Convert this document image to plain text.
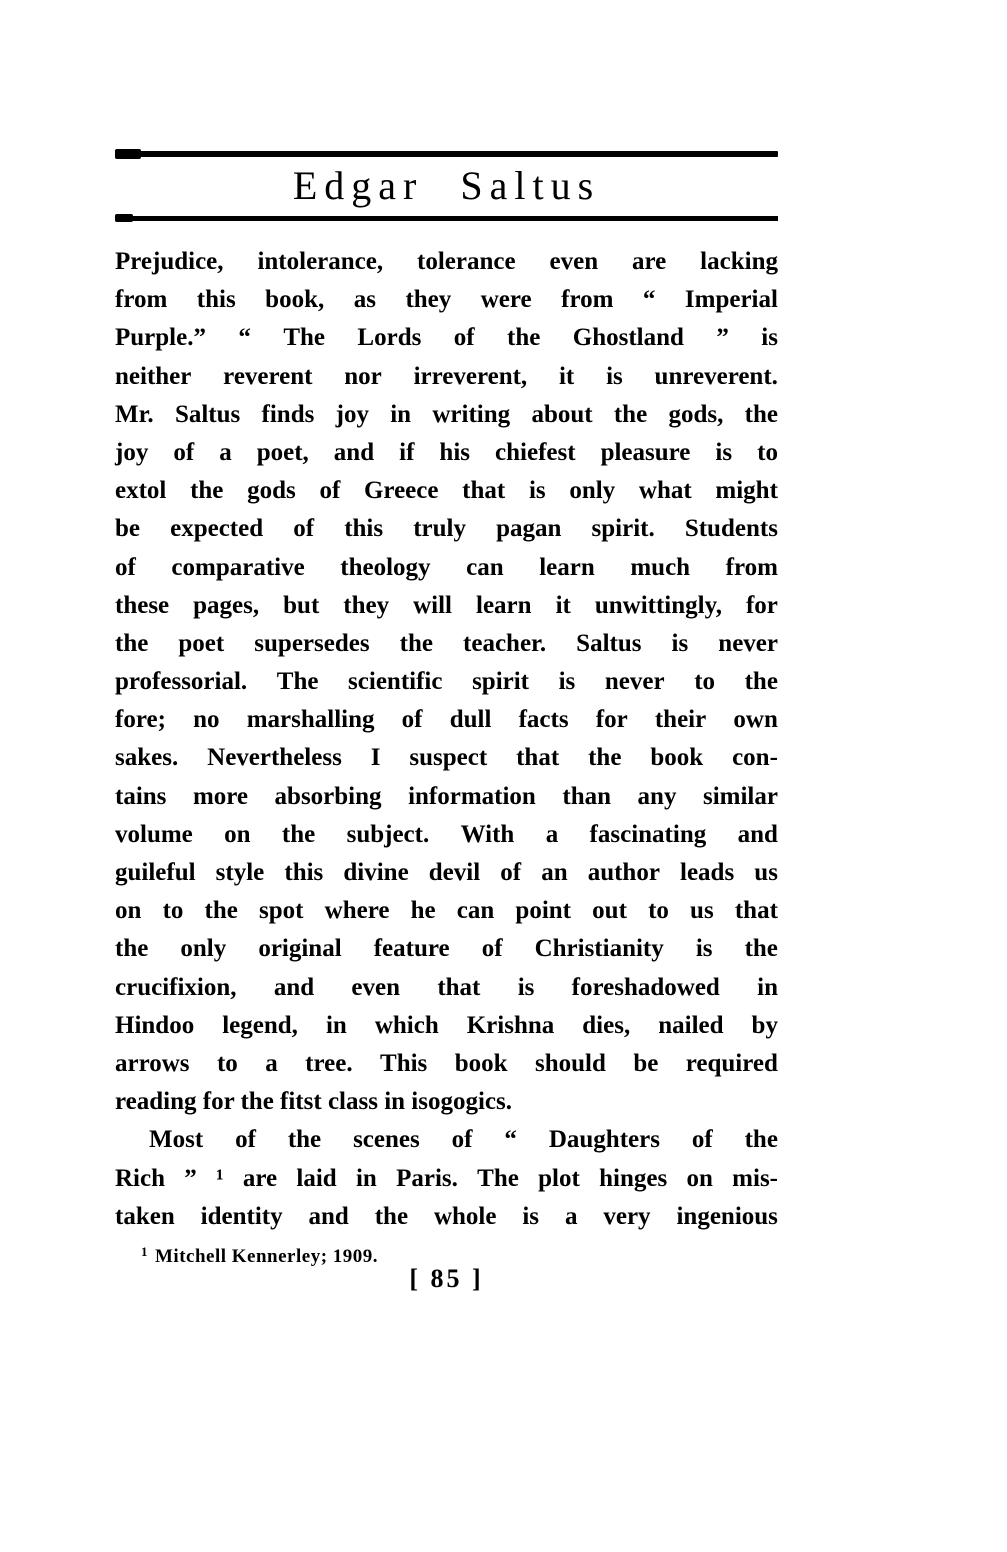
Edgar Saltus
Prejudice, intolerance, tolerance even are lacking
from this book, as they were from “ Imperial
Purple.” “ The Lords of the Ghostland ” is
neither reverent nor irreverent, it is unreverent.
Mr. Saltus finds joy in writing about the gods, the
joy of a poet, and if his chiefest pleasure is to
extol the gods of Greece that is only what might
be expected of this truly pagan spirit. Students
of comparative theology can learn much from
these pages, but they will learn it unwittingly, for
the poet supersedes the teacher. Saltus is never
professorial. The scientific spirit is never to the
fore; no marshalling of dull facts for their own
sakes. Nevertheless I suspect that the book con-
tains more absorbing information than any similar
volume on the subject. With a fascinating and
guileful style this divine devil of an author leads us
on to the spot where he can point out to us that
the only original feature of Christianity is the
crucifixion, and even that is foreshadowed in
Hindoo legend, in which Krishna dies, nailed by
arrows to a tree. This book should be required
reading for the fitst class in isogogics.
Most of the scenes of “ Daughters of the
Rich ” ¹ are laid in Paris. The plot hinges on mis-
taken identity and the whole is a very ingenious
$^1$ Mitchell Kennerley; 1909.
[ 85 ]
